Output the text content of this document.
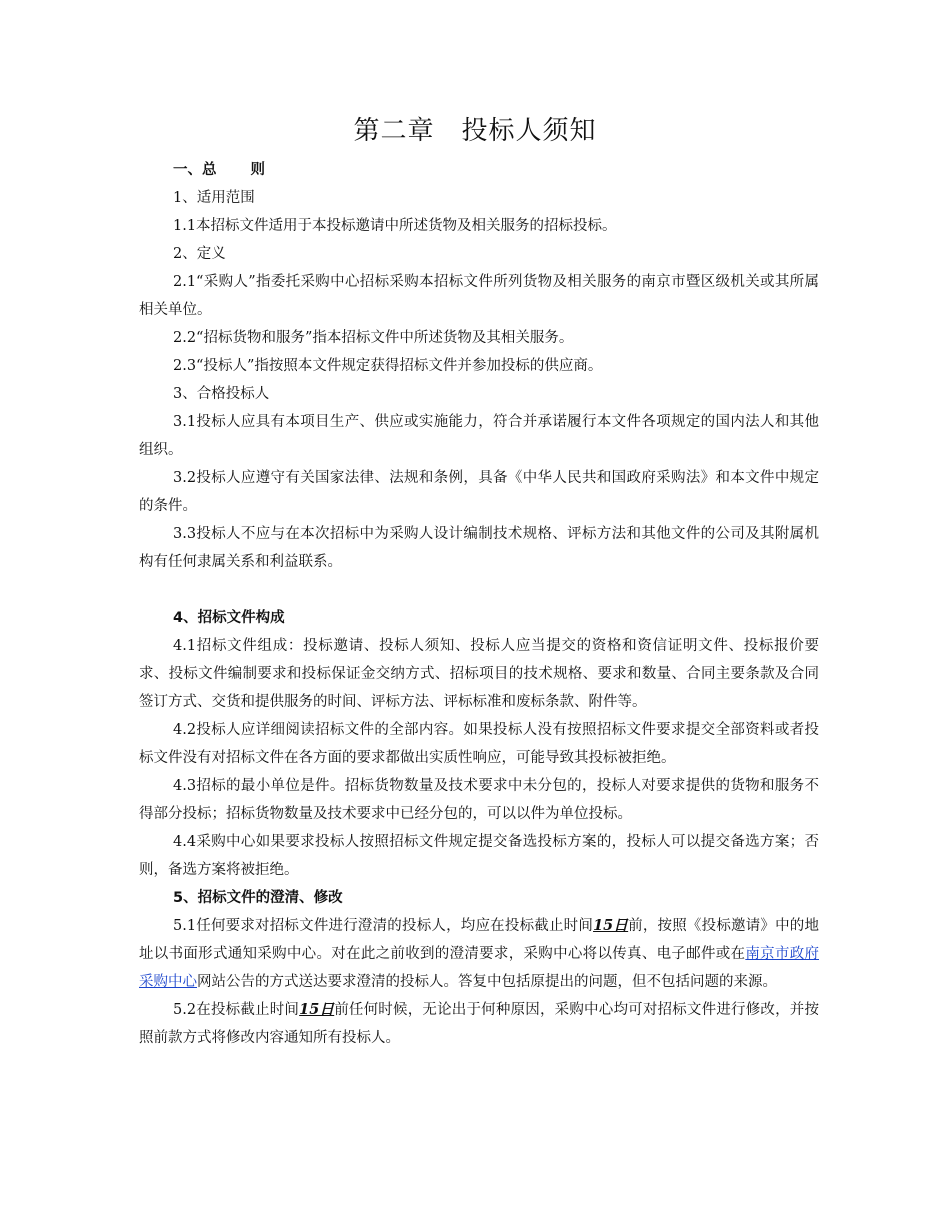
第二章　投标人须知

一、总 则

1、适用范围

1.1本招标文件适用于本投标邀请中所述货物及相关服务的招标投标。

2、定义

2.1“采购人”指委托采购中心招标采购本招标文件所列货物及相关服务的南京市暨区级机关或其所属相关单位。

2.2“招标货物和服务”指本招标文件中所述货物及其相关服务。

2.3“投标人”指按照本文件规定获得招标文件并参加投标的供应商。

3、合格投标人

3.1投标人应具有本项目生产、供应或实施能力，符合并承诺履行本文件各项规定的国内法人和其他组织。

3.2投标人应遵守有关国家法律、法规和条例，具备《中华人民共和国政府采购法》和本文件中规定的条件。

3.3投标人不应与在本次招标中为采购人设计编制技术规格、评标方法和其他文件的公司及其附属机构有任何隶属关系和利益联系。

4、招标文件构成

4.1招标文件组成：投标邀请、投标人须知、投标人应当提交的资格和资信证明文件、投标报价要求、投标文件编制要求和投标保证金交纳方式、招标项目的技术规格、要求和数量、合同主要条款及合同签订方式、交货和提供服务的时间、评标方法、评标标准和废标条款、附件等。

4.2投标人应详细阅读招标文件的全部内容。如果投标人没有按照招标文件要求提交全部资料或者投标文件没有对招标文件在各方面的要求都做出实质性响应，可能导致其投标被拒绝。

4.3招标的最小单位是件。招标货物数量及技术要求中未分包的，投标人对要求提供的货物和服务不得部分投标；招标货物数量及技术要求中已经分包的，可以以件为单位投标。

4.4采购中心如果要求投标人按照招标文件规定提交备选投标方案的，投标人可以提交备选方案；否则，备选方案将被拒绝。

5、招标文件的澄清、修改

5.1任何要求对招标文件进行澄清的投标人，均应在投标截止时间15日前，按照《投标邀请》中的地址以书面形式通知采购中心。对在此之前收到的澄清要求，采购中心将以传真、电子邮件或在南京市政府采购中心网站公告的方式送达要求澄清的投标人。答复中包括原提出的问题，但不包括问题的来源。

5.2在投标截止时间15日前任何时候，无论出于何种原因，采购中心均可对招标文件进行修改，并按照前款方式将修改内容通知所有投标人。
